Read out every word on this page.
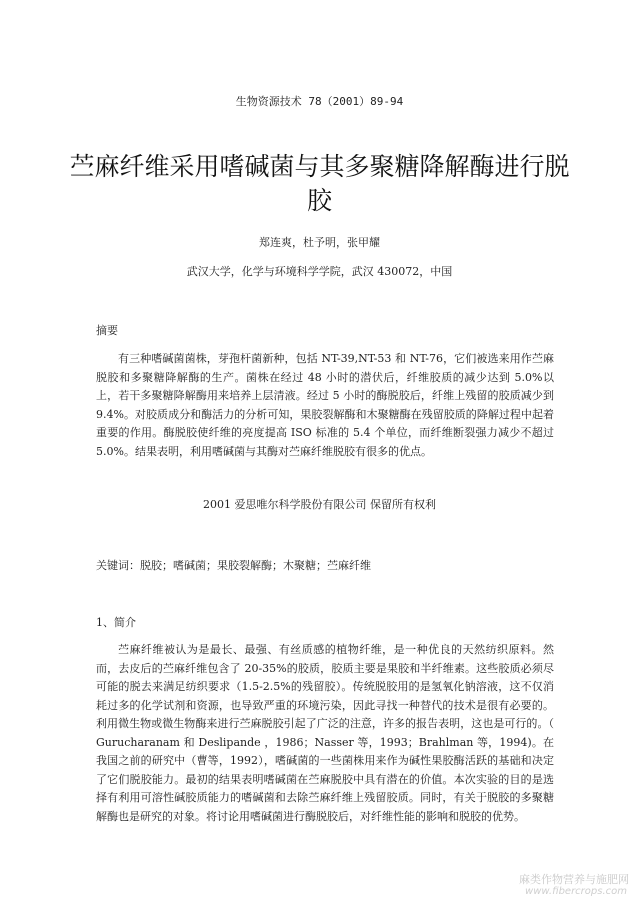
生物资源技术 78（2001）89-94
苎麻纤维采用嗜碱菌与其多聚糖降解酶进行脱胶
郑连爽，杜予明，张甲耀
武汉大学，化学与环境科学学院，武汉 430072，中国
摘要
有三种嗜碱菌菌株，芽孢杆菌新种，包括 NT-39,NT-53 和 NT-76，它们被选来用作苎麻脱胶和多聚糖降解酶的生产。菌株在经过 48 小时的潜伏后，纤维胶质的减少达到 5.0%以上，若干多聚糖降解酶用来培养上层清液。经过 5 小时的酶脱胶后，纤维上残留的胶质减少到 9.4%。对胶质成分和酶活力的分析可知，果胶裂解酶和木聚糖酶在残留胶质的降解过程中起着重要的作用。酶脱胶使纤维的亮度提高 ISO 标准的 5.4 个单位，而纤维断裂强力减少不超过 5.0%。结果表明，利用嗜碱菌与其酶对苎麻纤维脱胶有很多的优点。
2001 爱思唯尔科学股份有限公司 保留所有权利
关键词：脱胶；嗜碱菌；果胶裂解酶；木聚糖；苎麻纤维
1、简介
苎麻纤维被认为是最长、最强、有丝质感的植物纤维，是一种优良的天然纺织原料。然而，去皮后的苎麻纤维包含了 20-35%的胶质，胶质主要是果胶和半纤维素。这些胶质必须尽可能的脱去来满足纺织要求（1.5-2.5%的残留胶）。传统脱胶用的是氢氧化钠溶液，这不仅消耗过多的化学试剂和资源，也导致严重的环境污染，因此寻找一种替代的技术是很有必要的。利用微生物或微生物酶来进行苎麻脱胶引起了广泛的注意，许多的报告表明，这也是可行的。（ Gurucharanam 和 Deslipande ，1986；Nasser 等，1993；Brahlman 等，1994)。在我国之前的研究中（曹等，1992），嗜碱菌的一些菌株用来作为碱性果胶酶活跃的基础和决定了它们脱胶能力。最初的结果表明嗜碱菌在苎麻脱胶中具有潜在的价值。本次实验的目的是选择有利用可溶性碱胶质能力的嗜碱菌和去除苎麻纤维上残留胶质。同时，有关于脱胶的多聚糖解酶也是研究的对象。将讨论用嗜碱菌进行酶脱胶后，对纤维性能的影响和脱胶的优势。
麻类作物营养与施肥网
www.fibercrops.com
